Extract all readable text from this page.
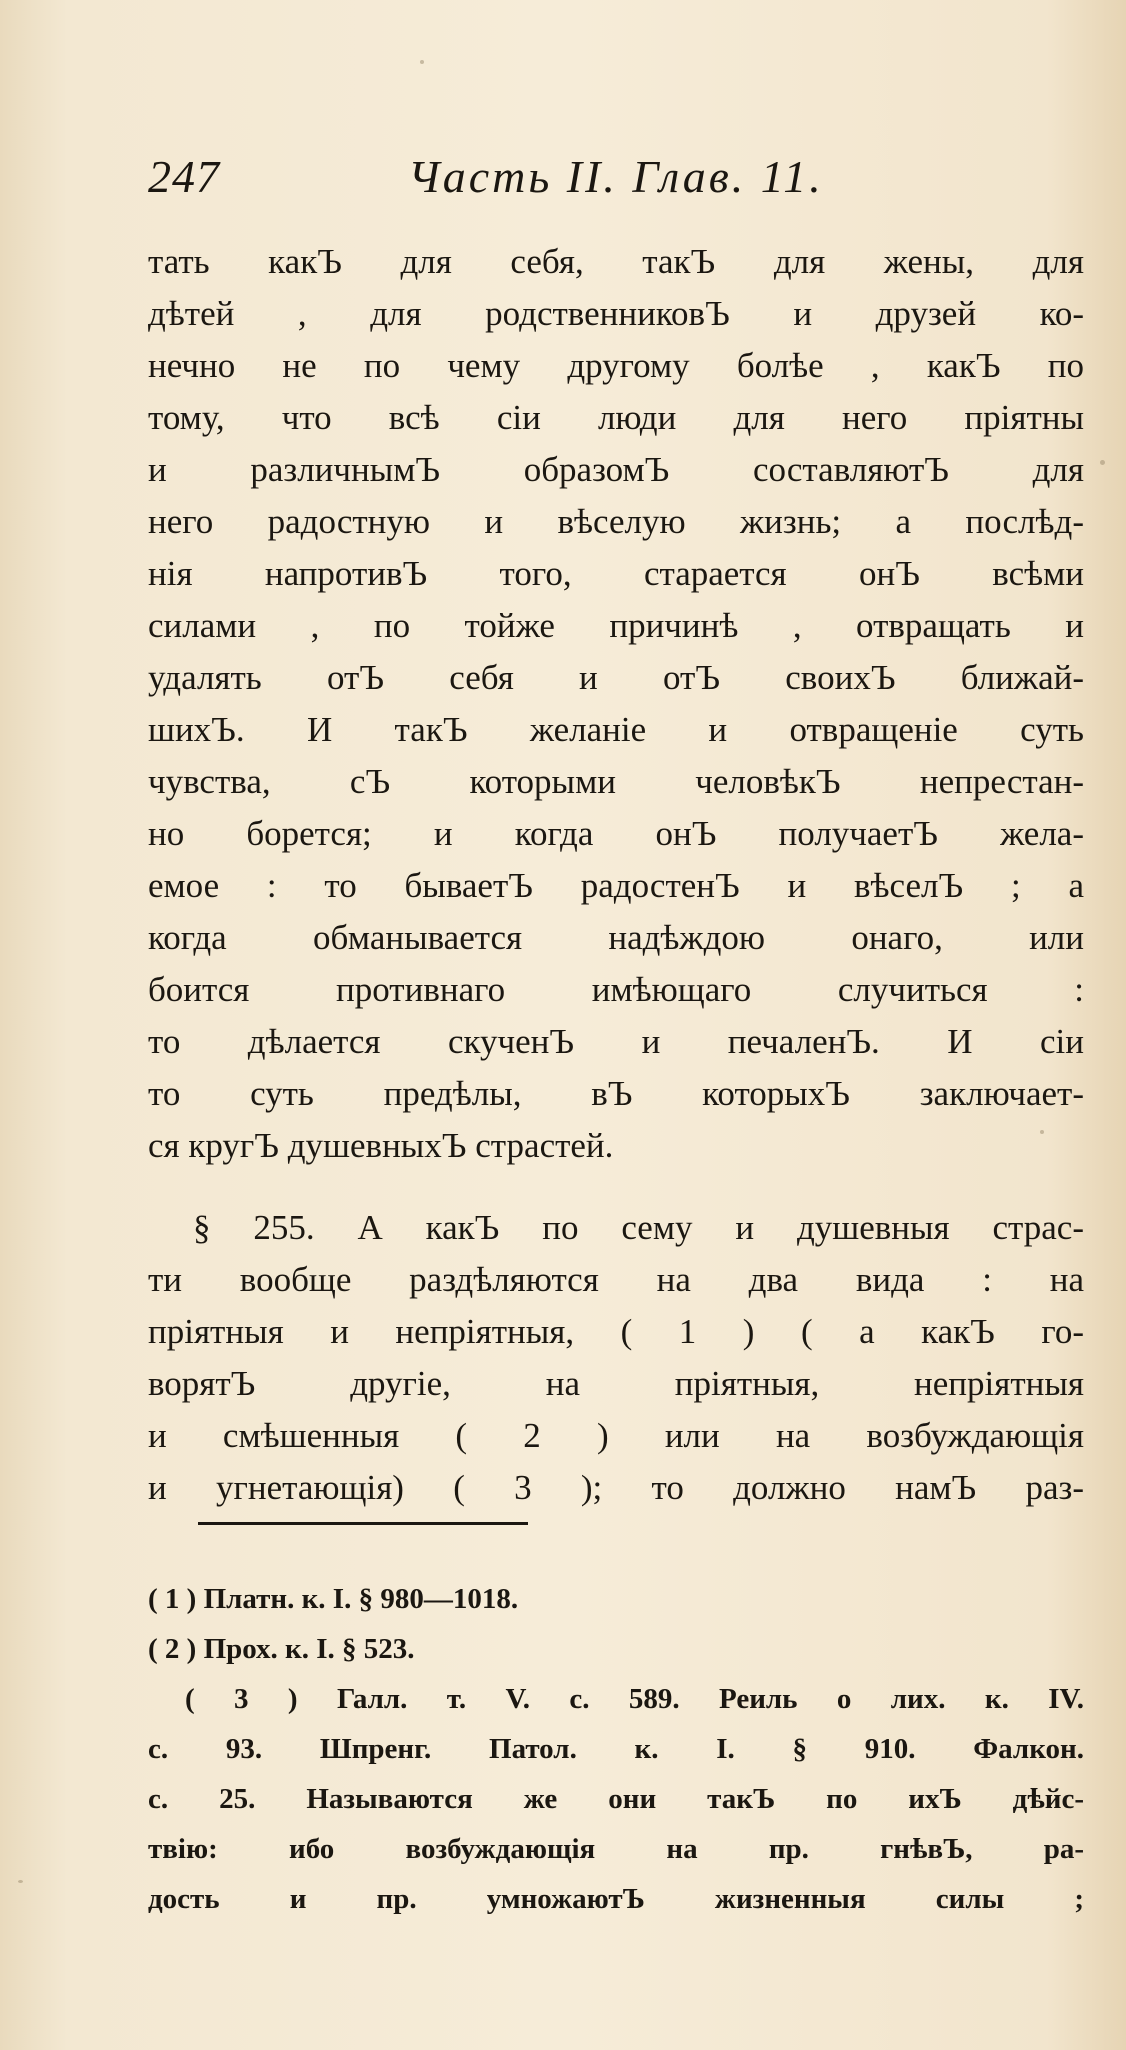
247	Часть II. Глав. 11.
тать какЪ для себя, такЪ для жены, для
дѣтей , для родственниковЪ и друзей ко-
нечно не по чему другому болѣе , какЪ по
тому, что всѣ сіи люди для него пріятны
и различнымЪ образомЪ составляютЪ для
него радостную и вѣселую жизнь; а послѣд-
нія напротивЪ того, старается онЪ всѣми
силами , по тойже причинѣ , отвращать и
удалять отЪ себя и отЪ своихЪ ближай-
шихЪ. И такЪ желаніе и отвращеніе суть
чувства, сЪ которыми человѣкЪ непрестан-
но борется; и когда онЪ получаетЪ жела-
емое : то бываетЪ радостенЪ и вѣселЪ ; а
когда обманывается надѣждою онаго, или
боится противнаго имѣющаго случиться :
то дѣлается скученЪ и печаленЪ. И сіи
то суть предѣлы, вЪ которыхЪ заключает-
ся кругЪ душевныхЪ страстей.
§ 255. А какЪ по сему и душевныя страс-
ти вообще раздѣляются на два вида : на
пріятныя и непріятныя, ( 1 ) ( а какЪ го-
ворятЪ другіе, на пріятныя, непріятныя
и смѣшенныя ( 2 ) или на возбуждающія
и угнетающія) ( 3 ); то должно намЪ раз-
( 1 ) Платн. к. I. § 980—1018.
( 2 ) Прох. к. I. § 523.
( 3 ) Галл. т. V. с. 589. Реиль о лих. к. IV.
с. 93. Шпренг. Патол. к. I. § 910. Фалкон.
с. 25. Называются же они такЪ по ихЪ дѣйс-
твію: ибо возбуждающія на пр. гнѣвЪ, ра-
дость и пр. умножаютЪ жизненныя силы ;
